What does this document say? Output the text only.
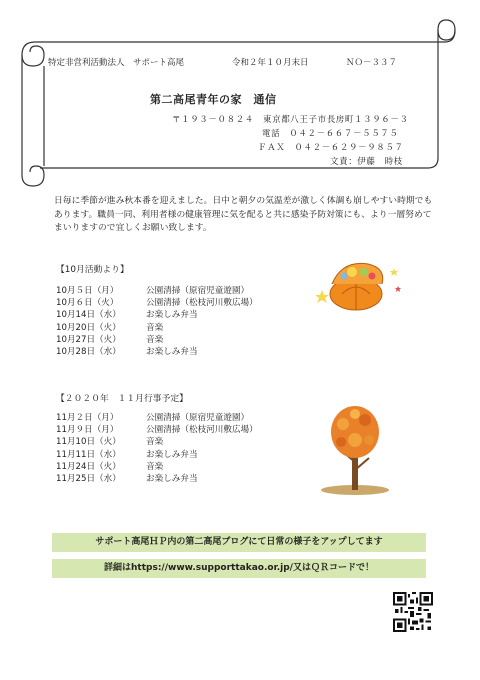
特定非営利活動法人　サポート高尾	令和２年１０月末日	ＮＯ－３３７
第二高尾青年の家　通信
〒１９３－０８２４　東京都八王子市長房町１３９６－３
電話　０４２－６６７－５５７５
ＦＡＸ　０４２－６２９－９８５７
文責：伊藤　時枝
日毎に季節が進み秋本番を迎えました。日中と朝夕の気温差が激しく体調も崩しやすい時期でもあります。職員一同、利用者様の健康管理に気を配ると共に感染予防対策にも、より一層努めてまいりますので宜しくお願い致します。
【10月活動より】
10月５日（月）	公園清掃（原宿児童遊園）
10月６日（火）	公園清掃（松枝河川敷広場）
10月14日（水）	お楽しみ弁当
10月20日（火）	音楽
10月27日（火）	音楽
10月28日（水）	お楽しみ弁当
【２０２０年　１１月行事予定】
11月２日（月）	公園清掃（原宿児童遊園）
11月９日（月）	公園清掃（松枝河川敷広場）
11月10日（火）	音楽
11月11日（水）	お楽しみ弁当
11月24日（火）	音楽
11月25日（水）	お楽しみ弁当
サポート高尾ＨＰ内の第二高尾ブログにて日常の様子をアップしてます
詳細はhttps://www.supporttakao.or.jp/又はＱＲコードで！
